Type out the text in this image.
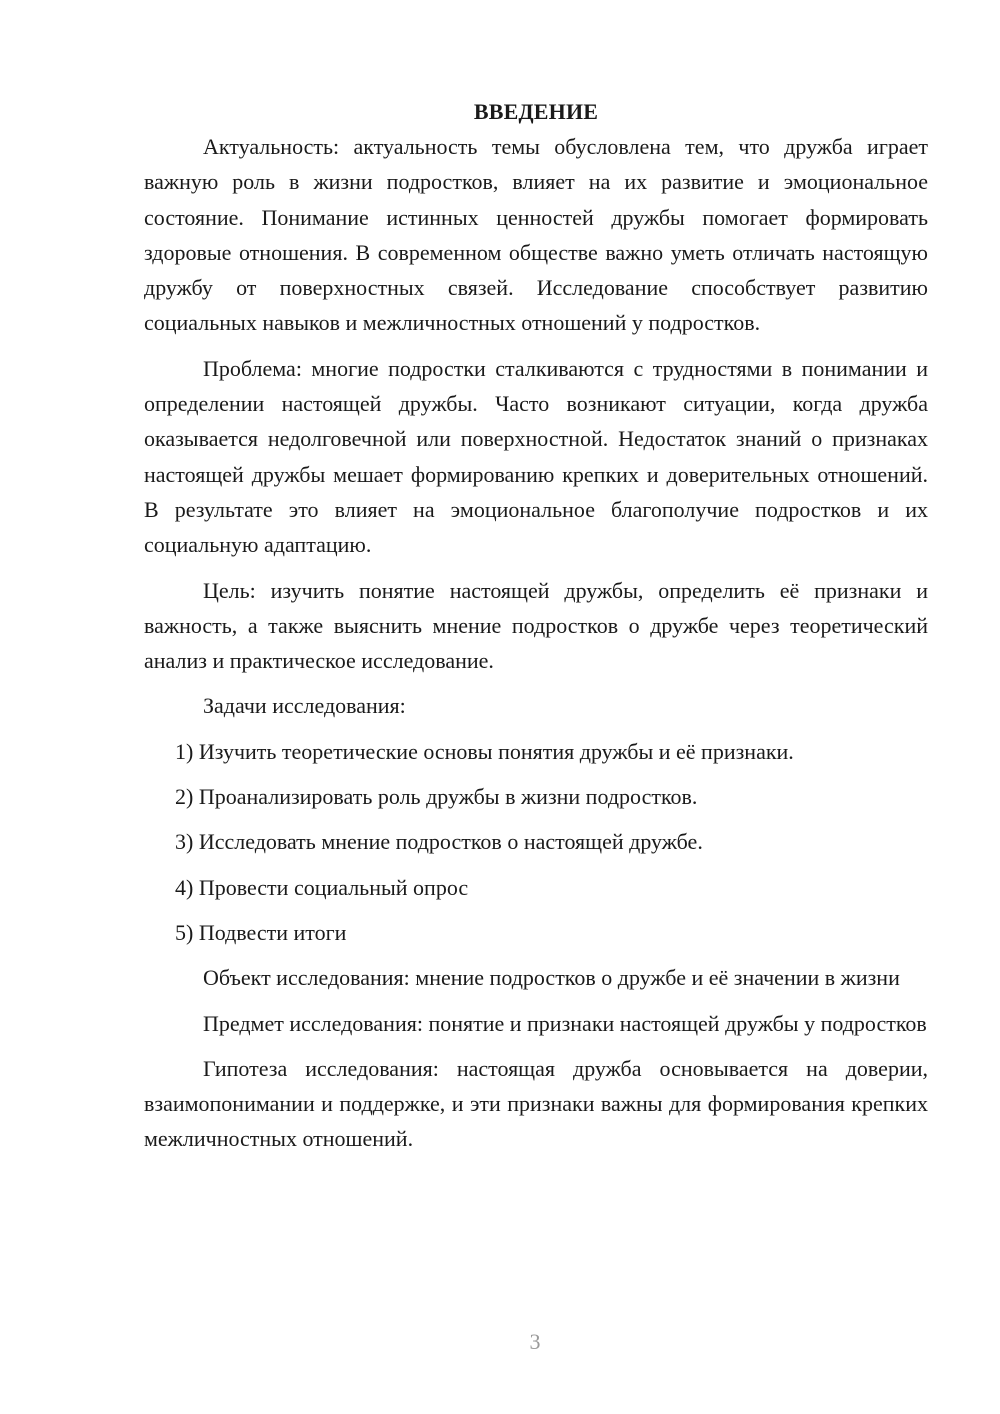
ВВЕДЕНИЕ

Актуальность: актуальность темы обусловлена тем, что дружба играет важную роль в жизни подростков, влияет на их развитие и эмоциональное состояние. Понимание истинных ценностей дружбы помогает формировать здоровые отношения. В современном обществе важно уметь отличать настоящую дружбу от поверхностных связей. Исследование способствует развитию социальных навыков и межличностных отношений у подростков.

Проблема: многие подростки сталкиваются с трудностями в понимании и определении настоящей дружбы. Часто возникают ситуации, когда дружба оказывается недолговечной или поверхностной. Недостаток знаний о признаках настоящей дружбы мешает формированию крепких и доверительных отношений. В результате это влияет на эмоциональное благополучие подростков и их социальную адаптацию.

Цель: изучить понятие настоящей дружбы, определить её признаки и важность, а также выяснить мнение подростков о дружбе через теоретический анализ и практическое исследование.

Задачи исследования:

1) Изучить теоретические основы понятия дружбы и её признаки.
2) Проанализировать роль дружбы в жизни подростков.
3) Исследовать мнение подростков о настоящей дружбе.
4) Провести социальный опрос
5) Подвести итоги

Объект исследования: мнение подростков о дружбе и её значении в жизни

Предмет исследования: понятие и признаки настоящей дружбы у подростков

Гипотеза исследования: настоящая дружба основывается на доверии, взаимопонимании и поддержке, и эти признаки важны для формирования крепких межличностных отношений.

3
